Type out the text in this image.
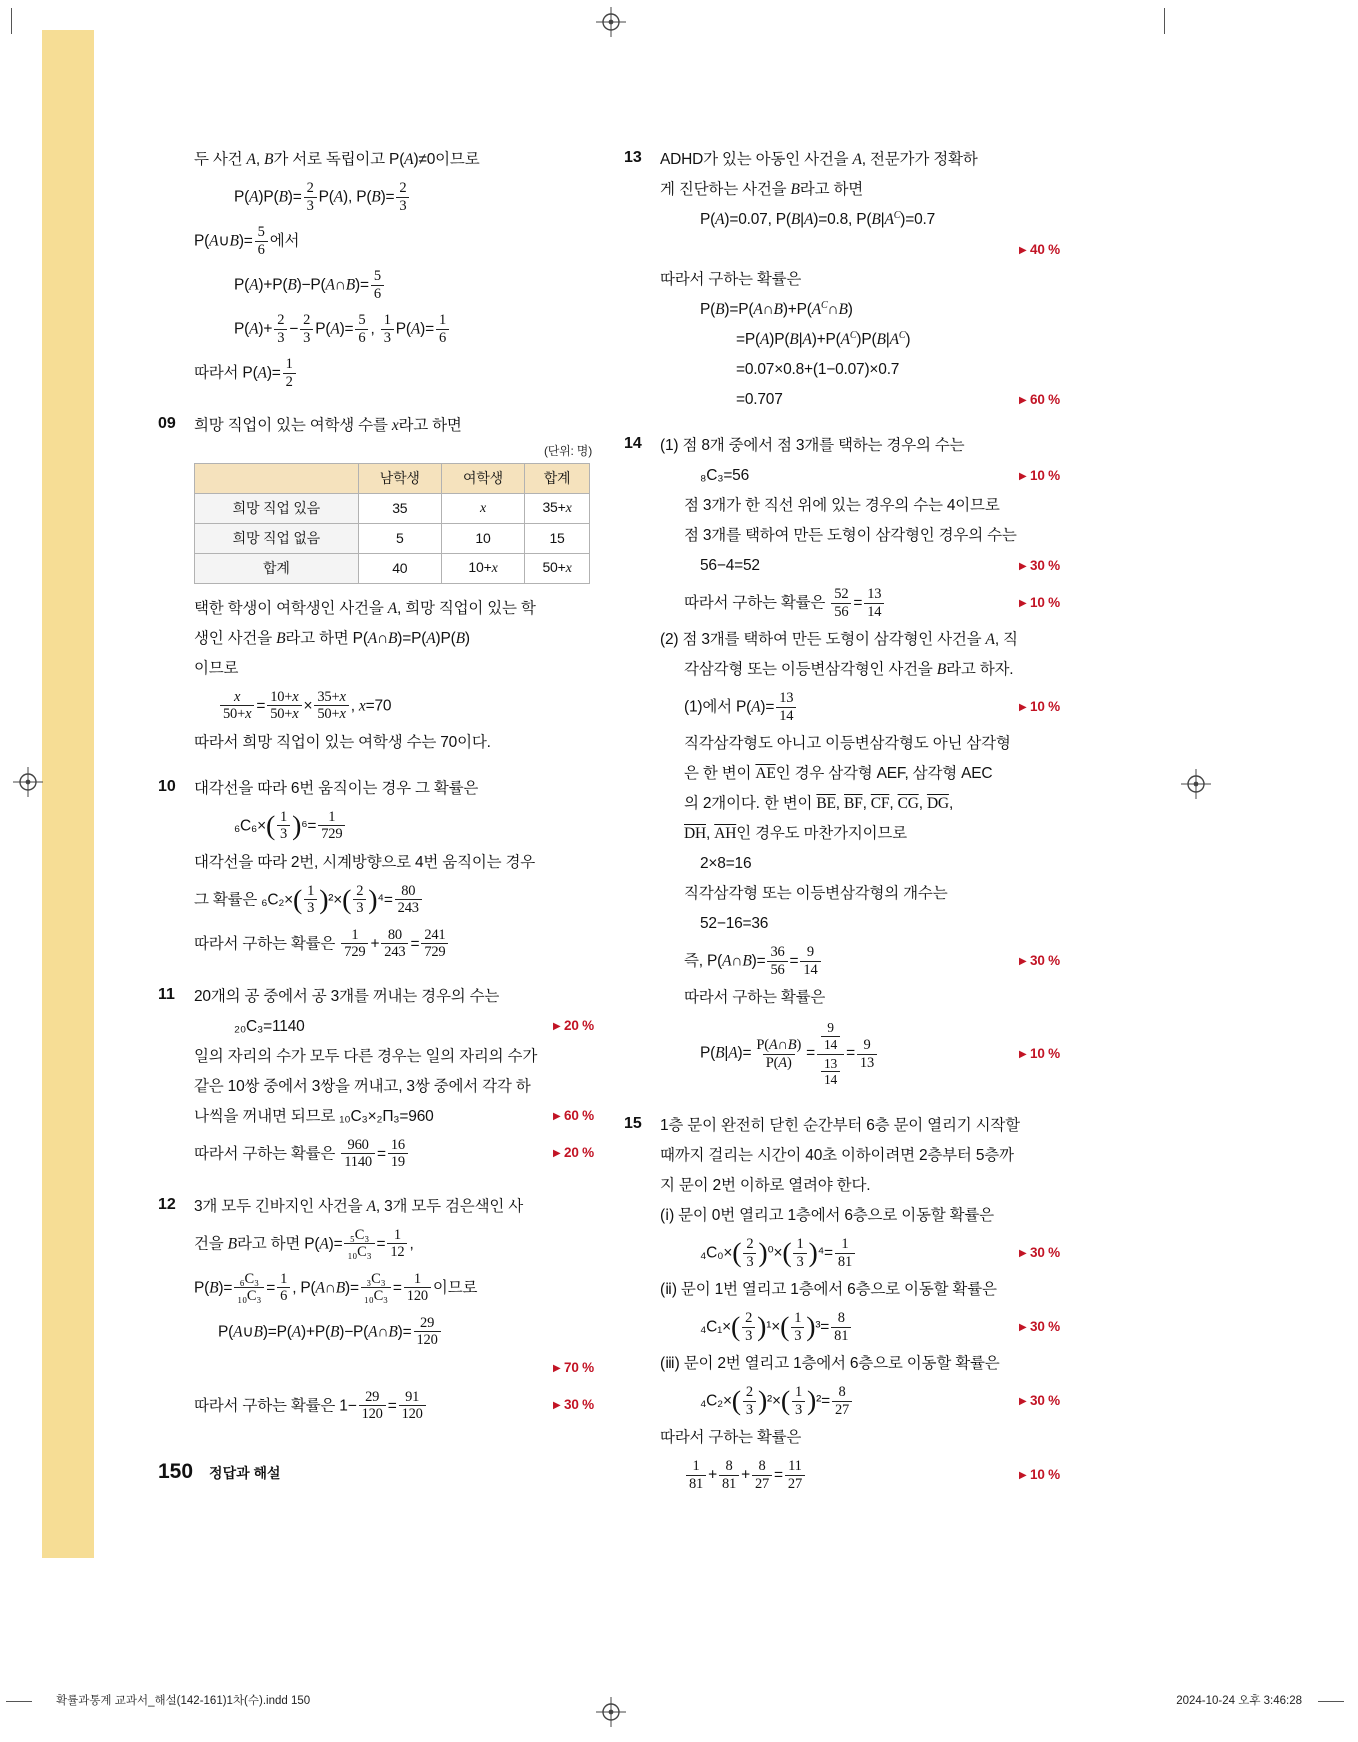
두 사건 A, B가 서로 독립이고 P(A)≠0이므로
$P(A)P(B)= \frac{2}{3} P(A)$, $P(B)= \frac{2}{3}$
P(A∪B)= $\frac{5}{6}$ 에서
P(A)+P(B)−P(A∩B)= $\frac{5}{6}$
$P(A)+ \frac{2}{3} - \frac{2}{3} P(A)= \frac{5}{6}$ , $\frac{1}{3} P(A)= \frac{1}{6}$
따라서 $P(A)= \frac{1}{2}$
09	희망 직업이 있는 여학생 수를 x라고 하면
(단위: 명)
	남학생	여학생	합계
희망 직업 있음	35	x	35+x
희망 직업 없음	5	10	15
합계	40	10+x	50+x
택한 학생이 여학생인 사건을 A, 희망 직업이 있는 학
생인 사건을 B라고 하면 P(A∩B)=P(A)P(B)
이므로
$\frac{x}{50+x} = \frac{10+x}{50+x} \times \frac{35+x}{50+x}$ , x=70
따라서 희망 직업이 있는 여학생 수는 70이다.
10	대각선을 따라 6번 움직이는 경우 그 확률은
$_6C_6\times( \frac{1}{3} )^6= \frac{1}{729}$
대각선을 따라 2번, 시계방향으로 4번 움직이는 경우
그 확률은 $_6C_2\times( \frac{1}{3} )^2\times( \frac{2}{3} )^4= \frac{80}{243}$
따라서 구하는 확률은 $\frac{1}{729} + \frac{80}{243} = \frac{241}{729}$
11	20개의 공 중에서 공 3개를 꺼내는 경우의 수는
₂₀C₃=1140	▶ 20 %
일의 자리의 수가 모두 다른 경우는 일의 자리의 수가
같은 10쌍 중에서 3쌍을 꺼내고, 3쌍 중에서 각각 하
나씩을 꺼내면 되므로 ₁₀C₃×₂Π₃=960	▶ 60 %
따라서 구하는 확률은 $\frac{960}{1140} = \frac{16}{19}$	▶ 20 %
12	3개 모두 긴바지인 사건을 A, 3개 모두 검은색인 사
건을 B라고 하면 $P(A)= \frac{\text{₅C₃}}{\text{₁₀C₃}} = \frac{1}{12}$ ,
$P(B)= \frac{\text{₆C₃}}{\text{₁₀C₃}} = \frac{1}{6}$ , P(A∩B)= $\frac{\text{₃C₃}}{\text{₁₀C₃}} = \frac{1}{120}$ 이므로
P(A∪B)=P(A)+P(B)−P(A∩B)= $\frac{29}{120}$
▶ 70 %
따라서 구하는 확률은 $1- \frac{29}{120} = \frac{91}{120}$	▶ 30 %
13	ADHD가 있는 아동인 사건을 A, 전문가가 정확하
게 진단하는 사건을 B라고 하면
P(A)=0.07, P(B|A)=0.8, $P(B|A^C)=0.7$
▶ 40 %
따라서 구하는 확률은
$P(B)=P(A\cap B)+P(A^C\cap B)$
$=P(A)P(B|A)+P(A^C)P(B|A^C)$
=0.07×0.8+(1−0.07)×0.7
=0.707	▶ 60 %
14	(1) 점 8개 중에서 점 3개를 택하는 경우의 수는
₈C₃=56	▶ 10 %
점 3개가 한 직선 위에 있는 경우의 수는 4이므로
점 3개를 택하여 만든 도형이 삼각형인 경우의 수는
56−4=52	▶ 30 %
따라서 구하는 확률은 $\frac{52}{56} = \frac{13}{14}$	▶ 10 %
(2) 점 3개를 택하여 만든 도형이 삼각형인 사건을 A, 직
각삼각형 또는 이등변삼각형인 사건을 B라고 하자.
(1)에서 $P(A)= \frac{13}{14}$	▶ 10 %
직각삼각형도 아니고 이등변삼각형도 아닌 삼각형
은 한 변이 $\overline{AE}$인 경우 삼각형 AEF, 삼각형 AEC
의 2개이다. 한 변이 $\overline{BE}$, $\overline{BF}$, $\overline{CF}$, $\overline{CG}$, $\overline{DG}$,
$\overline{DH}$, $\overline{AH}$인 경우도 마찬가지이므로
2×8=16
직각삼각형 또는 이등변삼각형의 개수는
52−16=36
즉, P(A∩B)= $\frac{36}{56} = \frac{9}{14}$	▶ 30 %
따라서 구하는 확률은
$P(B|A)= \frac{P(A\cap B)}{P(A)} = \frac{\frac{9}{14}}{\frac{13}{14}} = \frac{9}{13}$	▶ 10 %
15	1층 문이 완전히 닫힌 순간부터 6층 문이 열리기 시작할
때까지 걸리는 시간이 40초 이하이려면 2층부터 5층까
지 문이 2번 이하로 열려야 한다.
(ⅰ) 문이 0번 열리고 1층에서 6층으로 이동할 확률은
$_4C_0\times( \frac{2}{3} )^0\times( \frac{1}{3} )^4= \frac{1}{81}$	▶ 30 %
(ⅱ) 문이 1번 열리고 1층에서 6층으로 이동할 확률은
$_4C_1\times( \frac{2}{3} )^1\times( \frac{1}{3} )^3= \frac{8}{81}$	▶ 30 %
(ⅲ) 문이 2번 열리고 1층에서 6층으로 이동할 확률은
$_4C_2\times( \frac{2}{3} )^2\times( \frac{1}{3} )^2= \frac{8}{27}$	▶ 30 %
따라서 구하는 확률은
$\frac{1}{81} + \frac{8}{81} + \frac{8}{27} = \frac{11}{27}$	▶ 10 %
150 정답과 해설
확률과통계 교과서_해설(142-161)1차(수).indd 150	2024-10-24 오후 3:46:28
